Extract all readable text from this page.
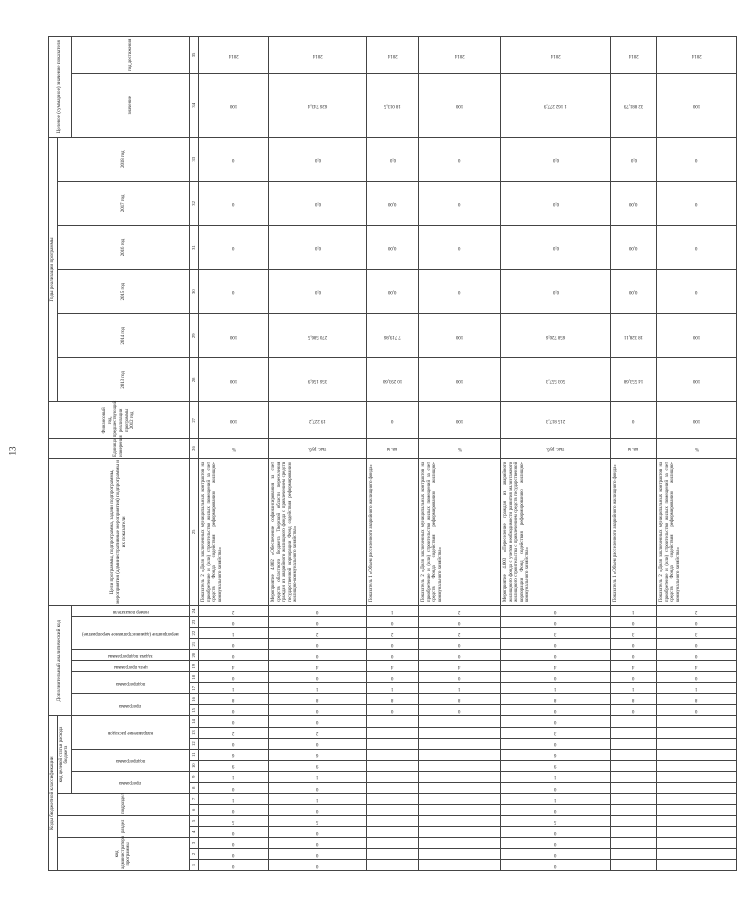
13
Коды бюджетной классификации														Дополнительный аналитический код										Цели программы, подпрограмма, задачи подпрограммы, мероприятия (административные мероприятия) подпрограммы и их показатели	Единица измерения	Финансовый год, предшествующий реализации программы 2012 год	Годы реализации программы						Целевое (суммарное) значение показателя	

код администратора программы			раздел		подраздел		код целевой статьи расхода бюджета																				2013 год	2014 год	2015 год	2016 год	2017 год	2018 год		

							программа		подпрограмма		направление расходов			программа		подпрограмма		цель программы	задача подпрограммы	мероприятие (административное мероприятие)			номер показателя										значение	год достижения
1	2	3	4	5	6	7	8	9	10	11	12	13	14	15	16	17	18	19	20	21	22	23	24	25	26	27	28	29	30	31	32	33	34	35

0	0	0	0	5	0	1	0	1	9	6	0	2	0	0	8	1	0	4	0	0	1	0	2	Показатель 2 «Доля заключенных муниципальных контрактов на приобретение и (или) строительство жилых помещений за счет средств Фонда содействия реформированию жилищно-коммунального хозяйства»	%	100	100	100	0	0	0	0	100	2014

0	0	0	0	5	0	1	0	1	9	6	0	2	0	0	8	1	0	4	0	0	2	0	0	Мероприятие 4.002 «Обеспечение софинансирования за счет средств областного бюджета Тверской области переселения граждан из аварийного жилищного фонда с привлечением средств государственной корпорации Фонд содействия реформированию жилищно-коммунального хозяйства»	тыс. руб.	19 227,2	356 156,9	270 586,5	0,0	0,0	0,0	0,0	626 743,4	2014

														0	8	1	0	4	0	0	2	0	1	Показатель 1 «Объем расселенного аварийного жилищного фонда»	кв. м	0	10 293,60	7 719,86	0,00	0,00	0,00	0,0	18 013,5	2014

														0	8	1	0	4	0	0	2	0	2	Показатель 2 «Доля заключенных муниципальных контрактов на приобретение и (или) строительство жилых помещений за счет средств Фонда содействия реформированию жилищно-коммунального хозяйства»	%	100	100	100	0	0	0	0	100	2014

0	0	0	0	5	0	1	0	1	9	6	0	3	0	0	8	1	0	4	0	0	3	0	0	Мероприятие 4.003 «Переселение граждан из аварийного жилищного фонда с учетом необходимости развития малоэтажного жилищного строительства с привлечением средств государственной корпорации Фонд содействия реформированию жилищно-коммунального хозяйства»	тыс. руб.	215 817,3	503 557,3	658 720,6	0,0	0,0	0,0	0,0	1 162 277,9	2014

														0	8	1	0	4	0	0	3	0	1	Показатель 1 «Объем расселенного аварийного жилищного фонда»	кв. м	0	14 553,68	18 328,11	0,00	0,00	0,00	0,0	32 881,79	2014

														0	8	1	0	4	0	0	3	0	2	Показатель 2 «Доля заключенных муниципальных контрактов на приобретение и (или) строительство жилых помещений за счет средств Фонда содействия реформированию жилищно-коммунального хозяйства»	%	100	100	100	0	0	0	0	100	2014
